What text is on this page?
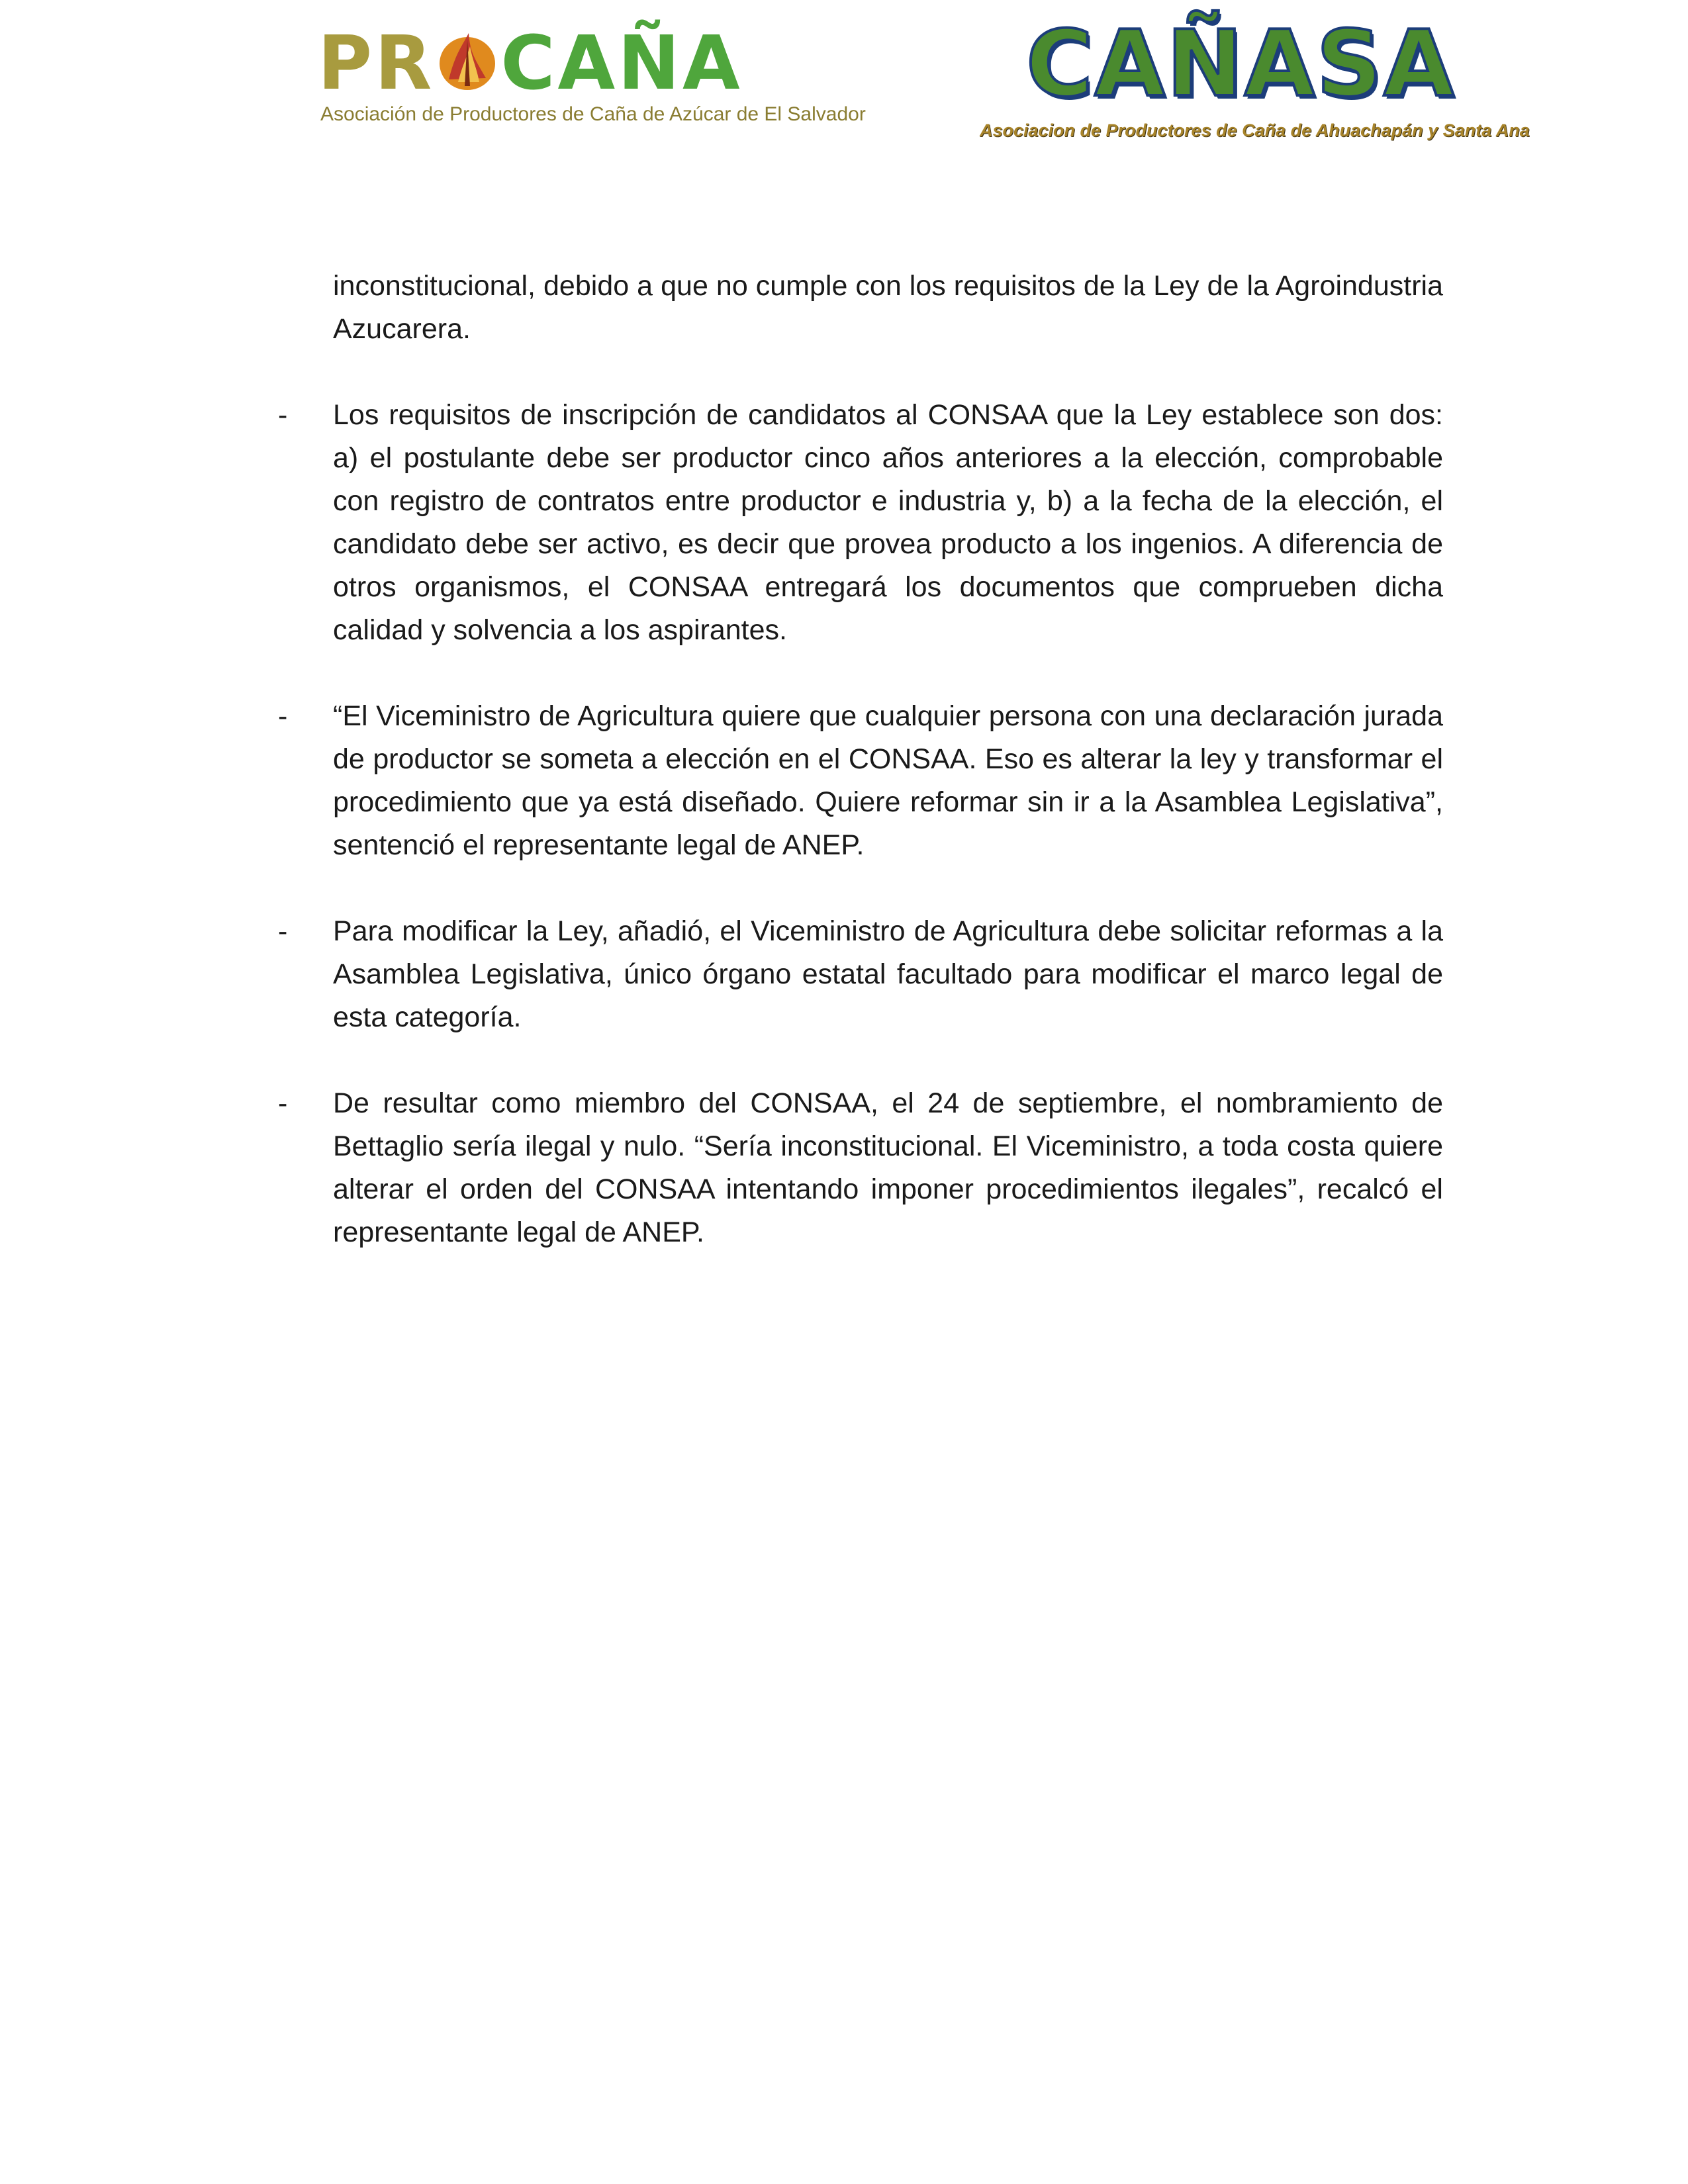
PR CAÑA
Asociación de Productores de Caña de Azúcar de El Salvador CAÑASA
Asociacion de Productores de Caña de Ahuachapán y Santa Ana
inconstitucional, debido a que no cumple con los requisitos de la Ley de la Agroindustria Azucarera.
-	Los requisitos de inscripción de candidatos al CONSAA que la Ley establece son dos: a) el postulante debe ser productor cinco años anteriores a la elección, comprobable con registro de contratos entre productor e industria y, b) a la fecha de la elección, el candidato debe ser activo, es decir que provea producto a los ingenios. A diferencia de otros organismos, el CONSAA entregará los documentos que comprueben dicha calidad y solvencia a los aspirantes.
-	“El Viceministro de Agricultura quiere que cualquier persona con una declaración jurada de productor se someta a elección en el CONSAA. Eso es alterar la ley y transformar el procedimiento que ya está diseñado. Quiere reformar sin ir a la Asamblea Legislativa”, sentenció el representante legal de ANEP.
-	Para modificar la Ley, añadió, el Viceministro de Agricultura debe solicitar reformas a la Asamblea Legislativa, único órgano estatal facultado para modificar el marco legal de esta categoría.
-	De resultar como miembro del CONSAA, el 24 de septiembre, el nombramiento de Bettaglio sería ilegal y nulo. “Sería inconstitucional. El Viceministro, a toda costa quiere alterar el orden del CONSAA intentando imponer procedimientos ilegales”, recalcó el representante legal de ANEP.
